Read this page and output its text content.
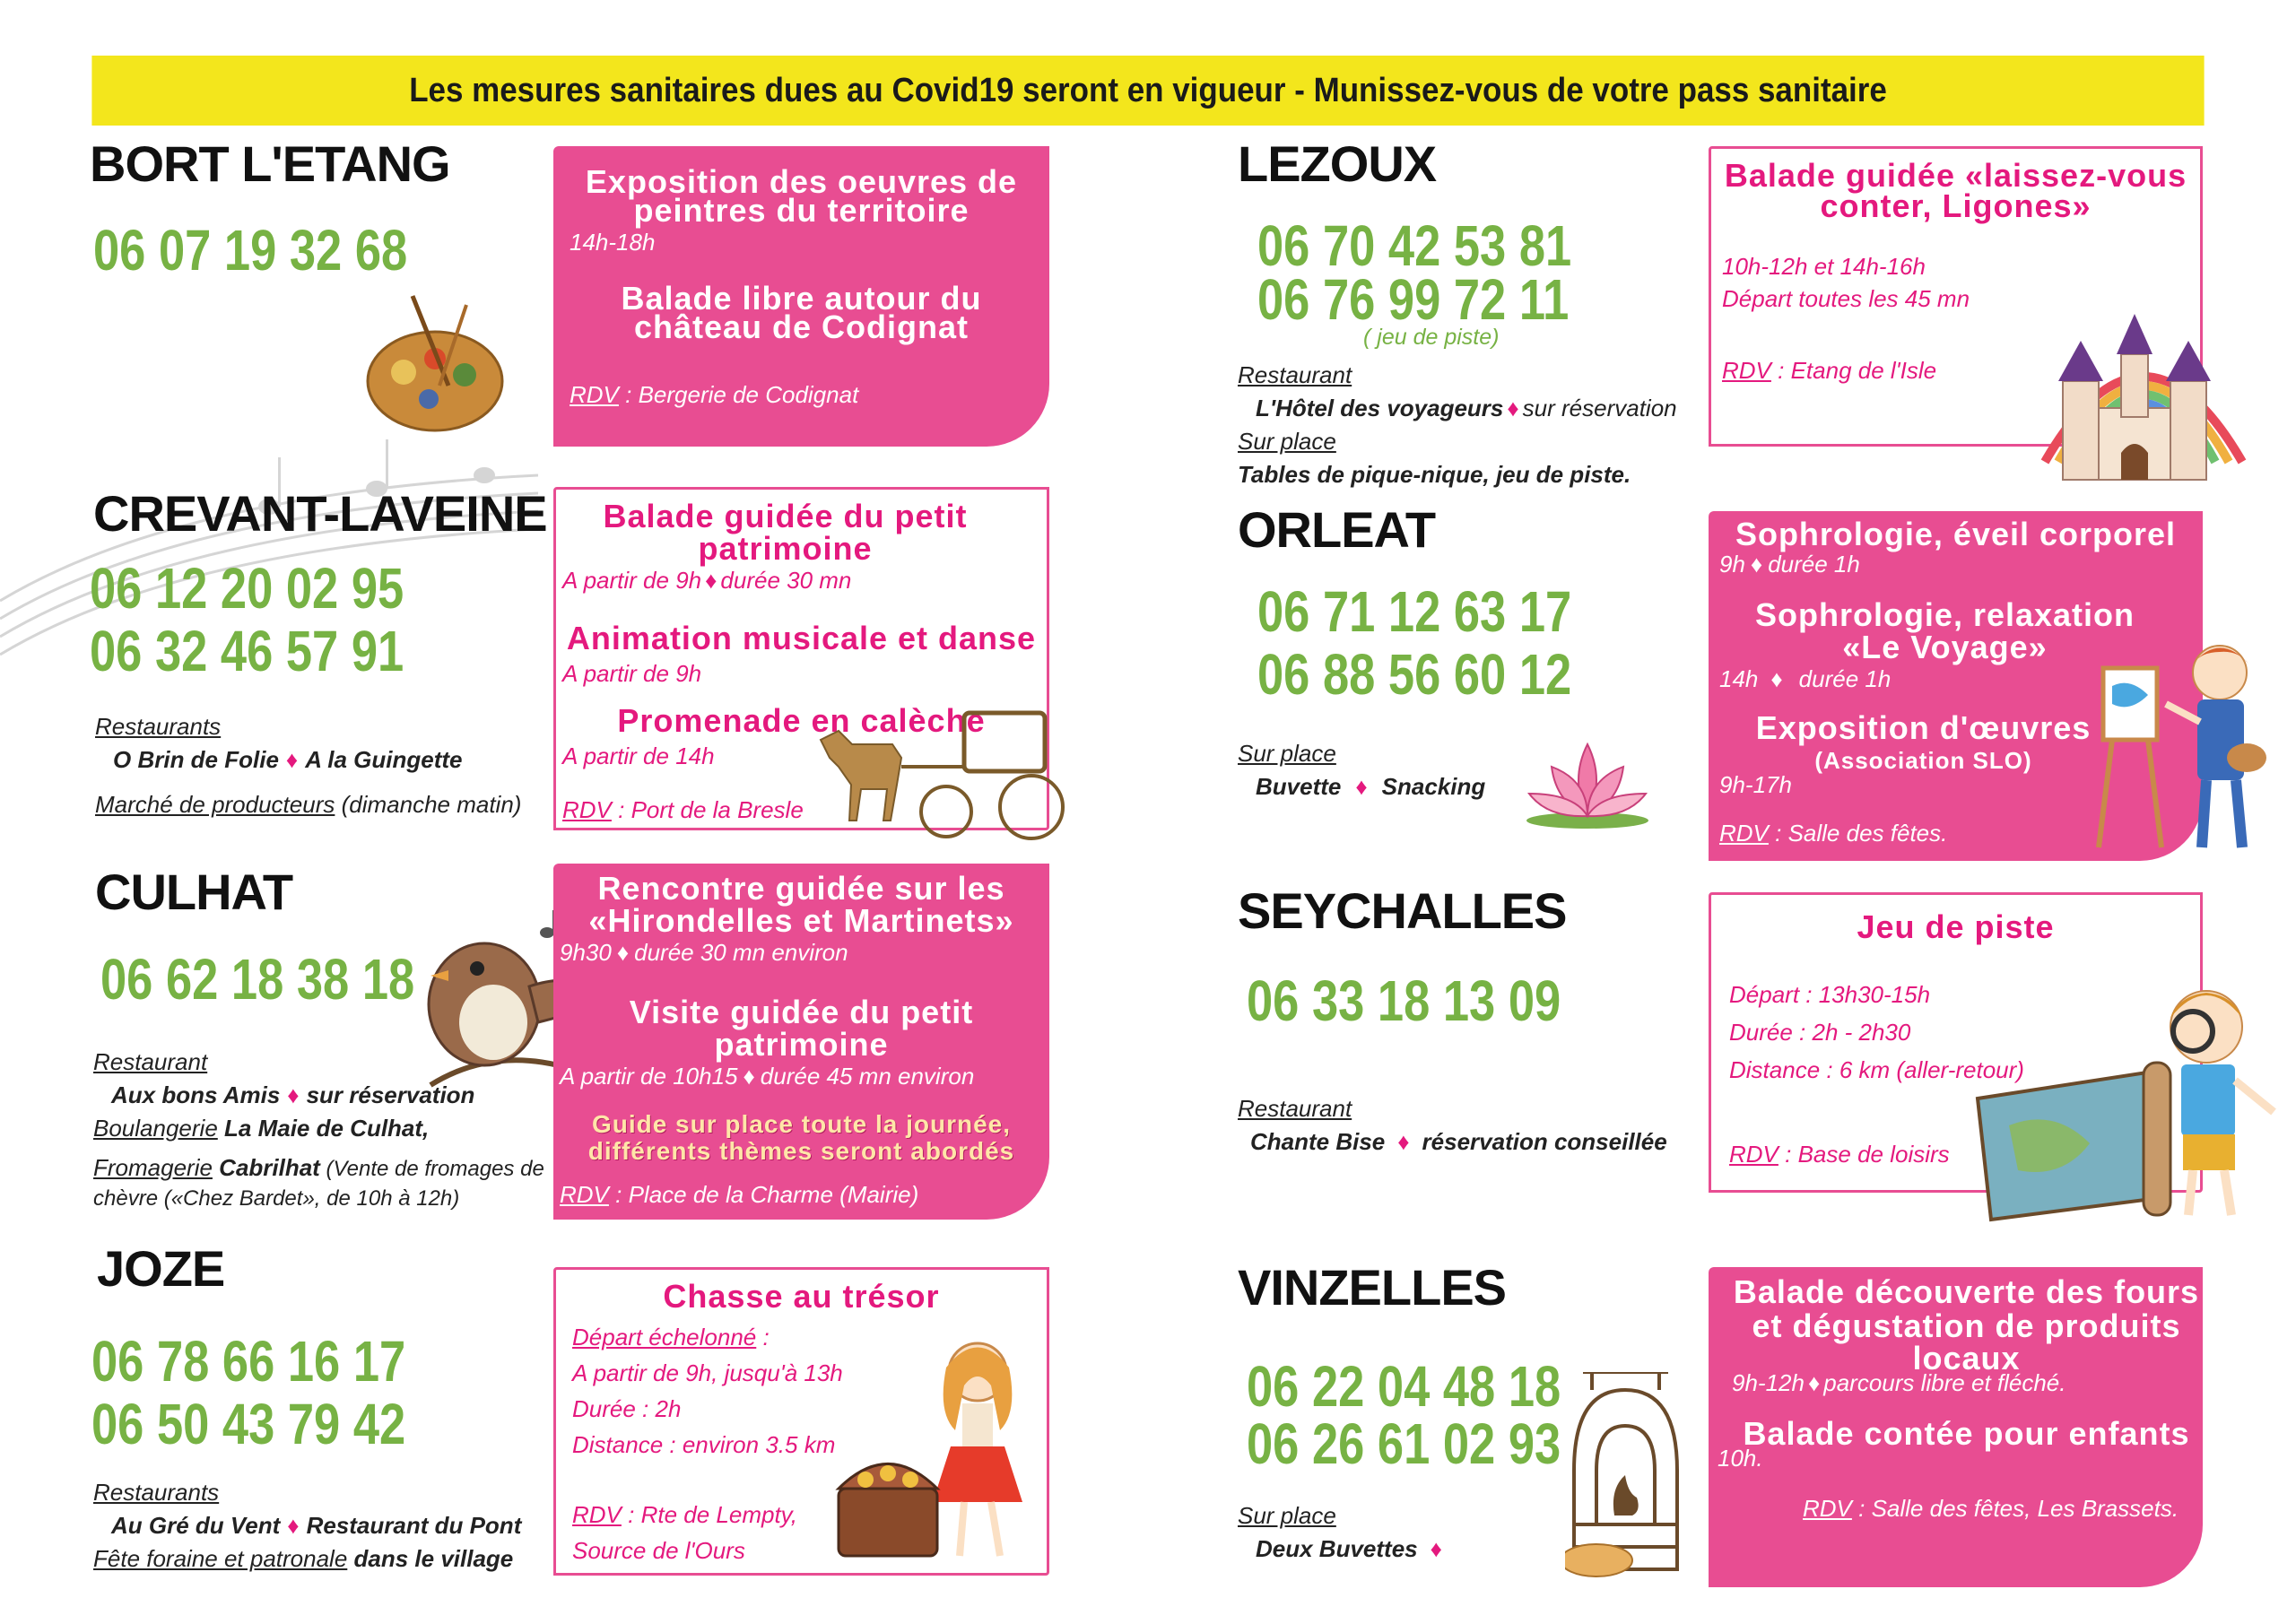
Les mesures sanitaires dues au Covid19 seront en vigueur - Munissez-vous de votre pass sanitaire
BORT L'ETANG
06 07 19 32 68
Exposition des oeuvres de
peintres du territoire
14h-18h
Balade libre autour du
château de Codignat
RDV : Bergerie de Codignat
CREVANT-LAVEINE
06 12 20 02 95
06 32 46 57 91
Restaurants
O Brin de Folie ♦ A la Guingette
Marché de producteurs (dimanche matin)
Balade guidée du petit
patrimoine
A partir de 9h ♦ durée 30 mn
Animation musicale et danse
A partir de 9h
Promenade en calèche
A partir de 14h
RDV : Port de la Bresle
CULHAT
06 62 18 38 18
Restaurant
Aux bons Amis ♦ sur réservation
Boulangerie La Maie de Culhat,
Fromagerie Cabrilhat (Vente de fromages de
chèvre («Chez Bardet», de 10h à 12h)
Rencontre guidée sur les
«Hirondelles et Martinets»
9h30 ♦ durée 30 mn environ
Visite guidée du petit
patrimoine
A partir de 10h15 ♦ durée 45 mn environ
Guide sur place toute la journée,
différents thèmes seront abordés
RDV : Place de la Charme (Mairie)
JOZE
06 78 66 16 17
06 50 43 79 42
Restaurants
Au Gré du Vent ♦ Restaurant du Pont
Fête foraine et patronale dans le village
Chasse au trésor
Départ échelonné :
A partir de 9h, jusqu'à 13h
Durée : 2h
Distance : environ 3.5 km
RDV : Rte de Lempty,
Source de l'Ours
LEZOUX
06 70 42 53 81
06 76 99 72 11
( jeu de piste)
Restaurant
L'Hôtel des voyageurs ♦ sur réservation
Sur place
Tables de pique-nique, jeu de piste.
Balade guidée «laissez-vous
conter, Ligones»
10h-12h et 14h-16h
Départ toutes les 45 mn
RDV : Etang de l'Isle
ORLEAT
06 71 12 63 17
06 88 56 60 12
Sur place
Buvette ♦ Snacking
Sophrologie, éveil corporel
9h ♦ durée 1h
Sophrologie, relaxation
«Le Voyage»
14h ♦ durée 1h
Exposition d'œuvres
(Association SLO)
9h-17h
RDV : Salle des fêtes.
SEYCHALLES
06 33 18 13 09
Restaurant
Chante Bise ♦ réservation conseillée
Jeu de piste
Départ : 13h30-15h
Durée : 2h - 2h30
Distance : 6 km (aller-retour)
RDV : Base de loisirs
VINZELLES
06 22 04 48 18
06 26 61 02 93
Sur place
Deux Buvettes ♦
Balade découverte des fours
et dégustation de produits
locaux
9h-12h ♦ parcours libre et fléché.
Balade contée pour enfants
10h.
RDV : Salle des fêtes, Les Brassets.
